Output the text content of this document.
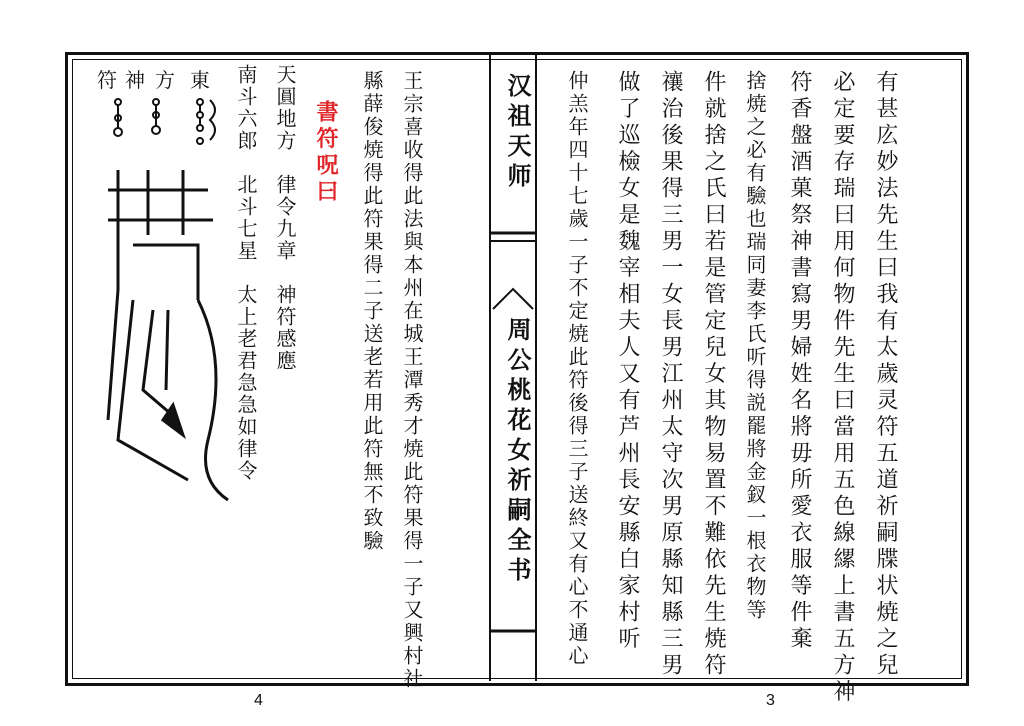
汉祖天师
周公桃花女祈嗣全书	有甚庅妙法先生曰我有太歲灵符五道祈嗣牒状焼之兒
必定要存瑞曰用何物件先生曰當用五色線縲上書五方神
符香盤酒菓祭神書寫男婦姓名將毋所愛衣服等件棄
捨焼之必有驗也瑞同妻李氏听得説罷將金釵一根衣物等
件就捨之氏曰若是管定兒女其物易置不難依先生焼符
禳治後果得三男一女長男江州太守次男原縣知縣三男
做了巡檢女是魏宰相夫人又有芦州長安縣白家村听
仲羔年四十七歲一子不定焼此符後得三子送終又有心不通心
王宗喜收得此法與本州在城王潭秀才焼此符果得一子又興村社
縣薛俊焼得此符果得二子送老若用此符無不致驗
書符呪曰
天圓地方　律令九章　神符感應
南斗六郎　北斗七星　太上老君急急如律令
東
方
神
符
4	3
